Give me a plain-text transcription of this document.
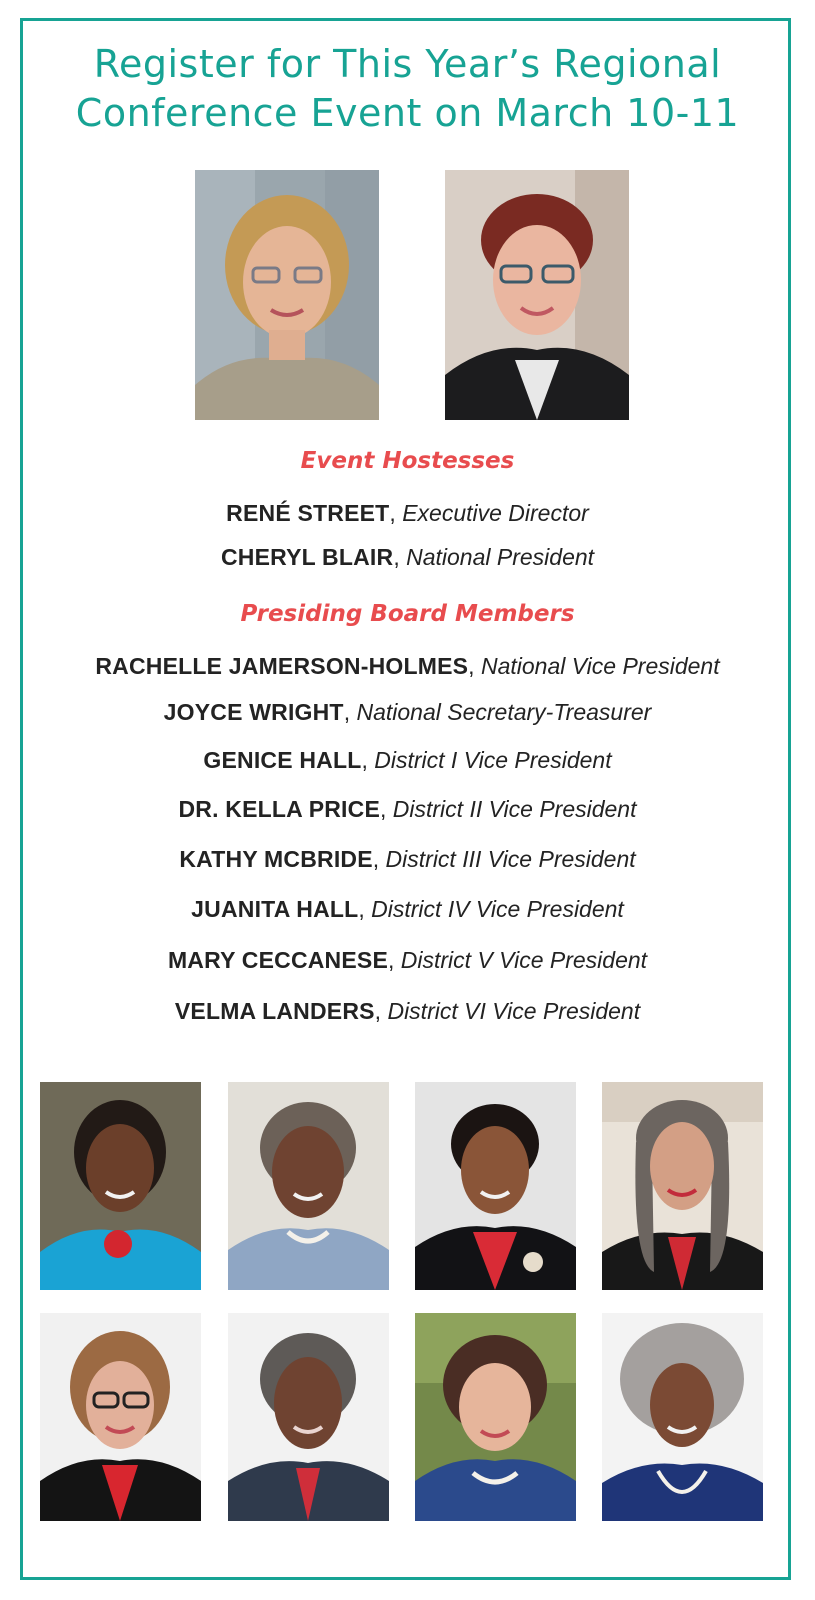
Register for This Year’s Regional
Conference Event on March 10-11
Event Hostesses
RENÉ STREET, Executive Director
CHERYL BLAIR, National President
Presiding Board Members
RACHELLE JAMERSON-HOLMES, National Vice President
JOYCE WRIGHT, National Secretary-Treasurer
GENICE HALL, District I Vice President
DR. KELLA PRICE, District II Vice President
KATHY MCBRIDE, District III Vice President
JUANITA HALL, District IV Vice President
MARY CECCANESE, District V Vice President
VELMA LANDERS, District VI Vice President
